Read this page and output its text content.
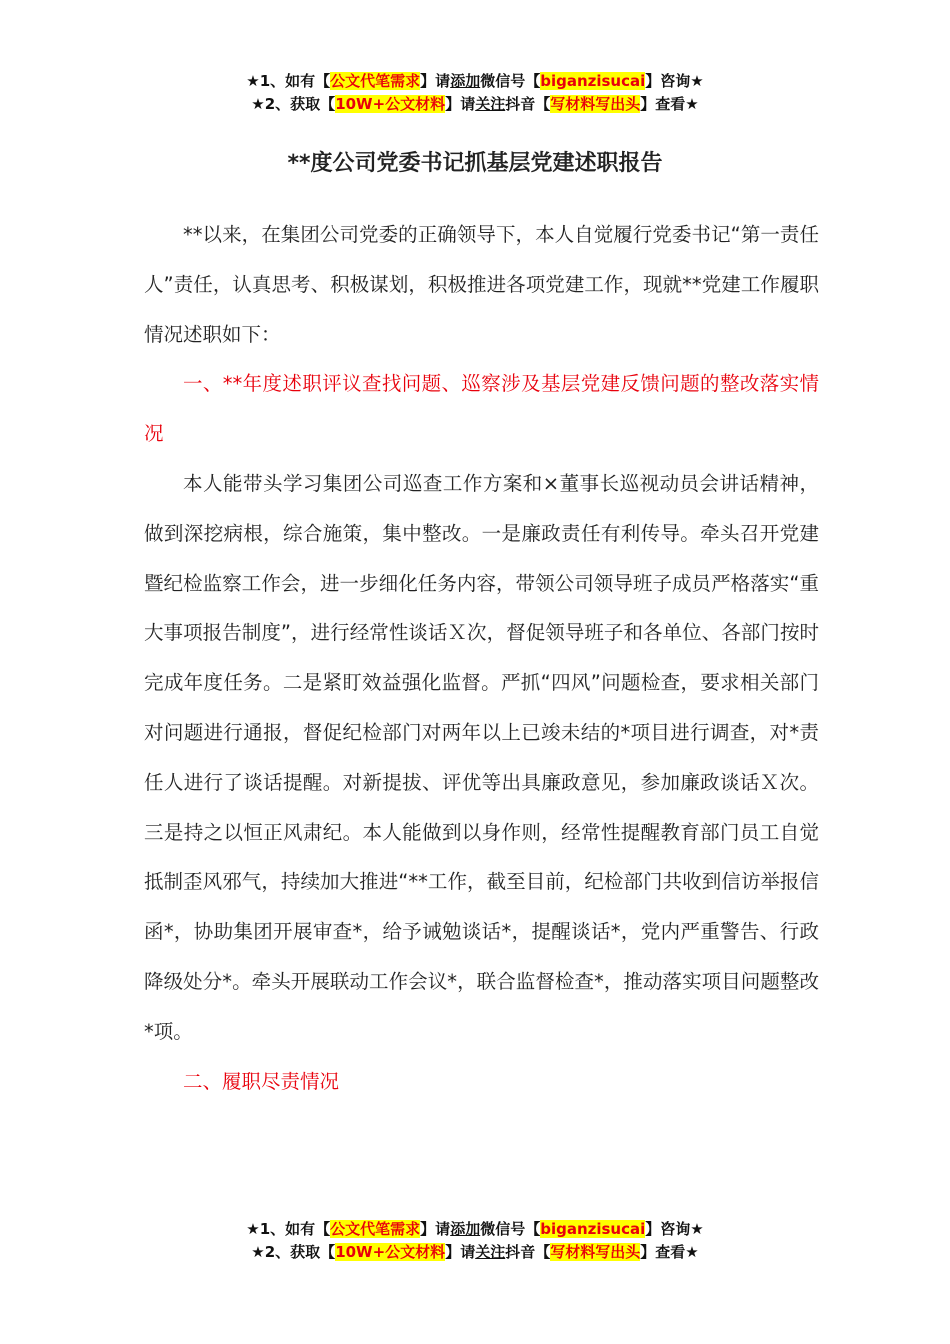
★1、如有【公文代笔需求】请添加微信号【biganzisucai】咨询★
★2、获取【10W+公文材料】请关注抖音【写材料写出头】查看★
**度公司党委书记抓基层党建述职报告

**以来，在集团公司党委的正确领导下，本人自觉履行党委书记“第一责任人”责任，认真思考、积极谋划，积极推进各项党建工作，现就**党建工作履职情况述职如下：

一、**年度述职评议查找问题、巡察涉及基层党建反馈问题的整改落实情况

本人能带头学习集团公司巡查工作方案和×董事长巡视动员会讲话精神，做到深挖病根，综合施策，集中整改。一是廉政责任有利传导。牵头召开党建暨纪检监察工作会，进一步细化任务内容，带领公司领导班子成员严格落实“重大事项报告制度”，进行经常性谈话Ｘ次，督促领导班子和各单位、各部门按时完成年度任务。二是紧盯效益强化监督。严抓“四风”问题检查，要求相关部门对问题进行通报，督促纪检部门对两年以上已竣未结的*项目进行调查，对*责任人进行了谈话提醒。对新提拔、评优等出具廉政意见，参加廉政谈话Ｘ次。三是持之以恒正风肃纪。本人能做到以身作则，经常性提醒教育部门员工自觉抵制歪风邪气，持续加大推进“**工作，截至目前，纪检部门共收到信访举报信函*，协助集团开展审查*，给予诫勉谈话*，提醒谈话*，党内严重警告、行政降级处分*。牵头开展联动工作会议*，联合监督检查*，推动落实项目问题整改*项。

二、履职尽责情况

★1、如有【公文代笔需求】请添加微信号【biganzisucai】咨询★
★2、获取【10W+公文材料】请关注抖音【写材料写出头】查看★
